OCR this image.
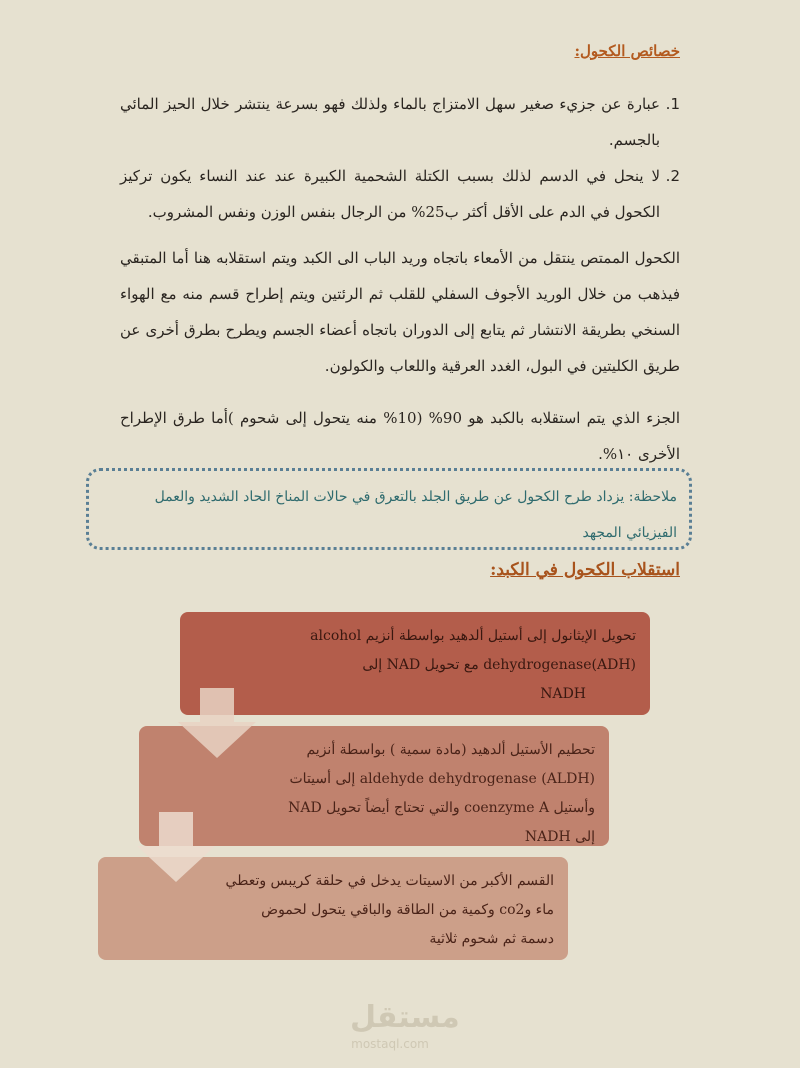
خصائص الكحول:
1.
عبارة عن جزيء صغير سهل الامتزاج بالماء ولذلك فهو بسرعة ينتشر خلال الحيز المائي بالجسم.
2.
لا ينحل في الدسم لذلك بسبب الكتلة الشحمية الكبيرة عند عند النساء يكون تركيز الكحول في الدم على الأقل أكثر ب25% من الرجال بنفس الوزن ونفس المشروب.
الكحول الممتص ينتقل من الأمعاء باتجاه وريد الباب الى الكبد ويتم استقلابه هنا أما المتبقي فيذهب من خلال الوريد الأجوف السفلي للقلب ثم الرئتين ويتم إطراح قسم منه مع الهواء السنخي بطريقة الانتشار ثم يتابع إلى الدوران باتجاه أعضاء الجسم ويطرح بطرق أخرى عن طريق الكليتين في البول، الغدد العرقية واللعاب والكولون.
الجزء الذي يتم استقلابه بالكبد هو 90% (10% منه يتحول إلى شحوم )أما طرق الإطراح الأخرى ١٠%.
ملاحظة: يزداد طرح الكحول عن طريق الجلد بالتعرق في حالات المناخ الحاد الشديد والعمل الفيزيائي المجهد
استقلاب الكحول في الكبد:
تحويل الإيثانول إلى أستيل ألدهيد بواسطة أنزيم alcohol
dehydrogenase(ADH) مع تحويل NAD إلى
NADH
تحطيم الأستيل ألدهيد (مادة سمية ) بواسطة أنزيم
aldehyde dehydrogenase (ALDH) إلى أسيتات
وأستيل coenzyme A والتي تحتاج أيضاً تحويل NAD
إلى NADH
القسم الأكبر من الاسيتات يدخل في حلقة كريبس وتعطي
ماء وco2 وكمية من الطاقة والباقي يتحول لحموض
دسمة ثم شحوم ثلاثية
مستقل
mostaql.com
